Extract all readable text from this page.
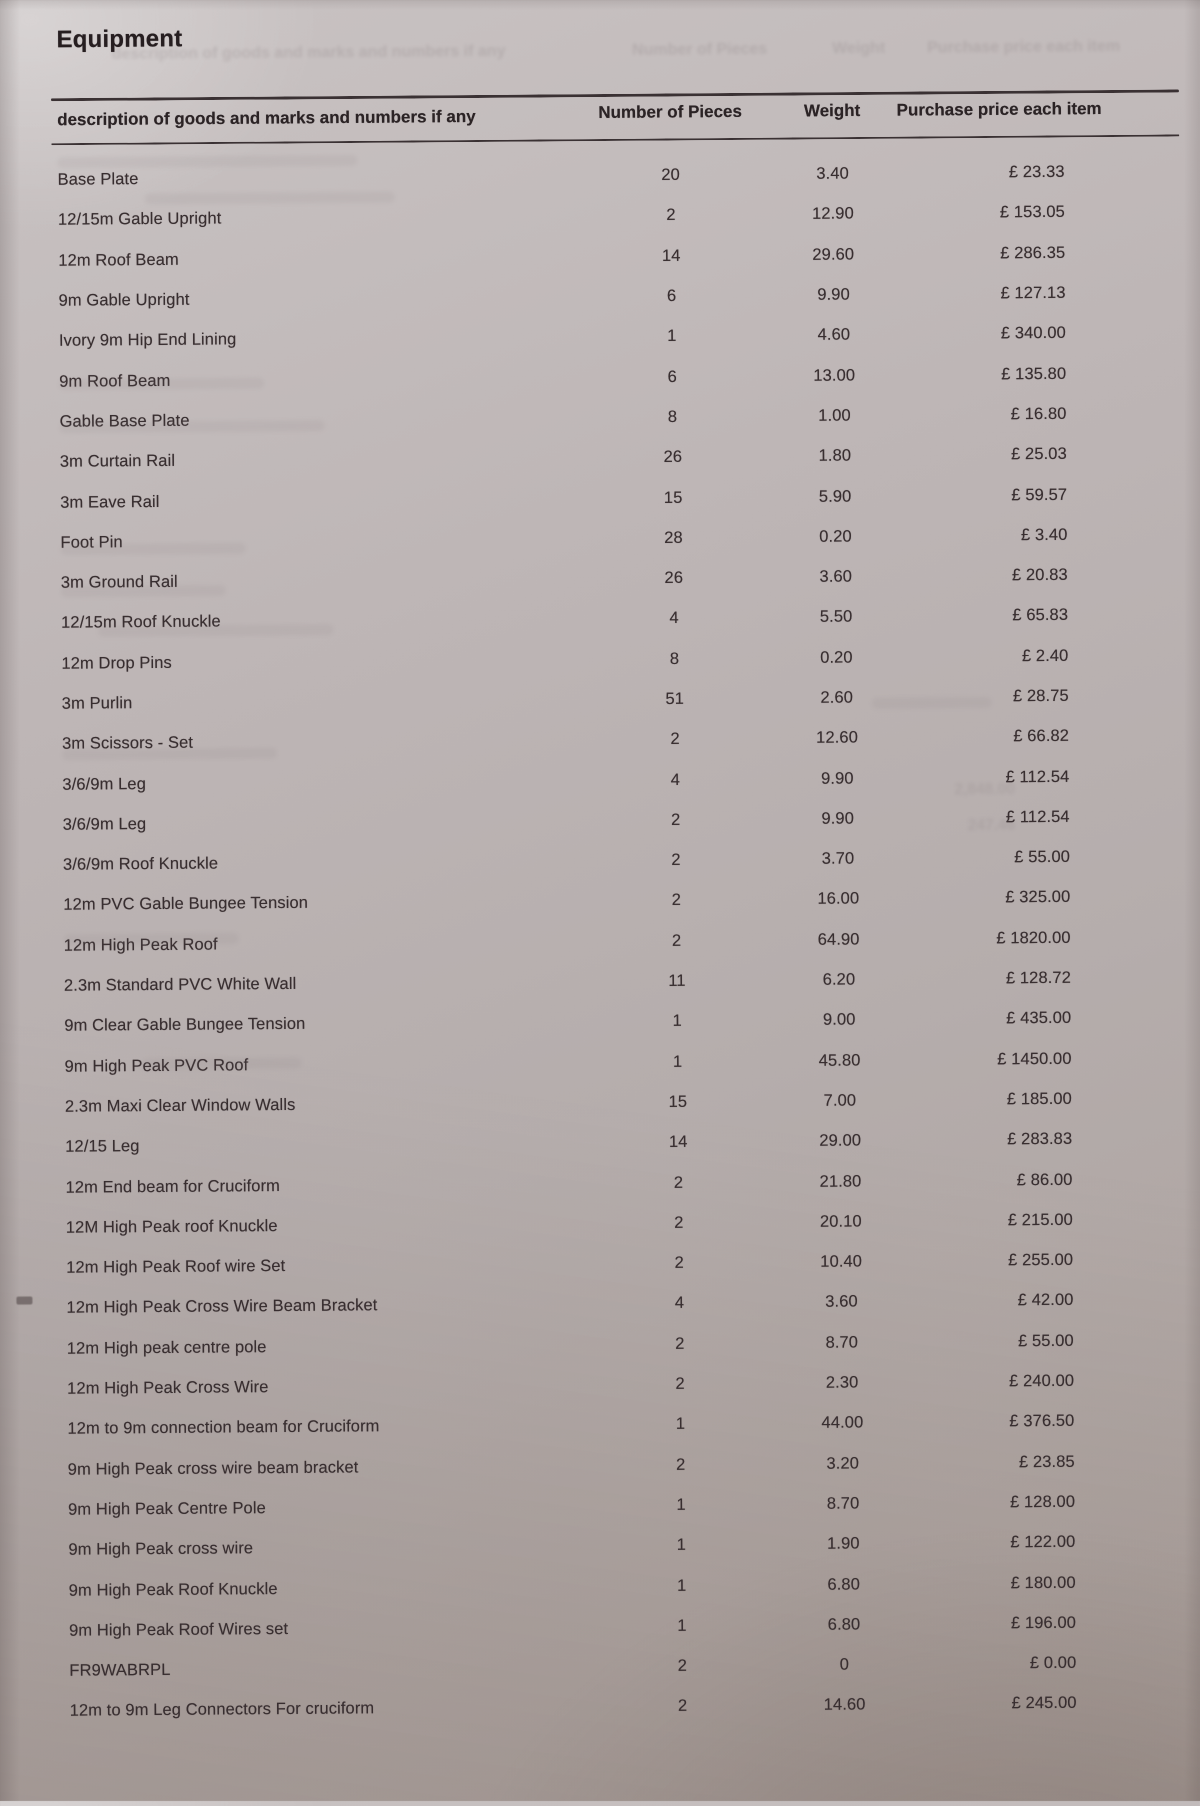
description of goods and marks and numbers if any	Number of Pieces	Weight	Purchase price each item
Equipment
description of goods and marks and numbers if any	Number of Pieces	Weight	Purchase price each item
Base Plate	20	3.40	£ 23.33
12/15m Gable Upright	2	12.90	£ 153.05
12m Roof Beam	14	29.60	£ 286.35
9m Gable Upright	6	9.90	£ 127.13
Ivory 9m Hip End Lining	1	4.60	£ 340.00
9m Roof Beam	6	13.00	£ 135.80
Gable Base Plate	8	1.00	£ 16.80
3m Curtain Rail	26	1.80	£ 25.03
3m Eave Rail	15	5.90	£ 59.57
Foot Pin	28	0.20	£ 3.40
3m Ground Rail	26	3.60	£ 20.83
12/15m Roof Knuckle	4	5.50	£ 65.83
12m Drop Pins	8	0.20	£ 2.40
3m Purlin	51	2.60	£ 28.75
3m Scissors - Set	2	12.60	£ 66.82
3/6/9m Leg	4	9.90	£ 112.54
3/6/9m Leg	2	9.90	£ 112.54
3/6/9m Roof Knuckle	2	3.70	£ 55.00
12m PVC Gable Bungee Tension	2	16.00	£ 325.00
12m High Peak Roof	2	64.90	£ 1820.00
2.3m Standard PVC White Wall	11	6.20	£ 128.72
9m Clear Gable Bungee Tension	1	9.00	£ 435.00
9m High Peak PVC Roof	1	45.80	£ 1450.00
2.3m Maxi Clear Window Walls	15	7.00	£ 185.00
12/15 Leg	14	29.00	£ 283.83
12m End beam for Cruciform	2	21.80	£ 86.00
12M High Peak roof Knuckle	2	20.10	£ 215.00
12m High Peak Roof wire Set	2	10.40	£ 255.00
12m High Peak Cross Wire Beam Bracket	4	3.60	£ 42.00
12m High peak centre pole	2	8.70	£ 55.00
12m High Peak Cross Wire	2	2.30	£ 240.00
12m to 9m connection beam for Cruciform	1	44.00	£ 376.50
9m High Peak cross wire beam bracket	2	3.20	£ 23.85
9m High Peak Centre Pole	1	8.70	£ 128.00
9m High Peak cross wire	1	1.90	£ 122.00
9m High Peak Roof Knuckle	1	6.80	£ 180.00
9m High Peak Roof Wires set	1	6.80	£ 196.00
FR9WABRPL	2	0	£ 0.00
12m to 9m Leg Connectors For cruciform	2	14.60	£ 245.00
2,848.00
247.46
